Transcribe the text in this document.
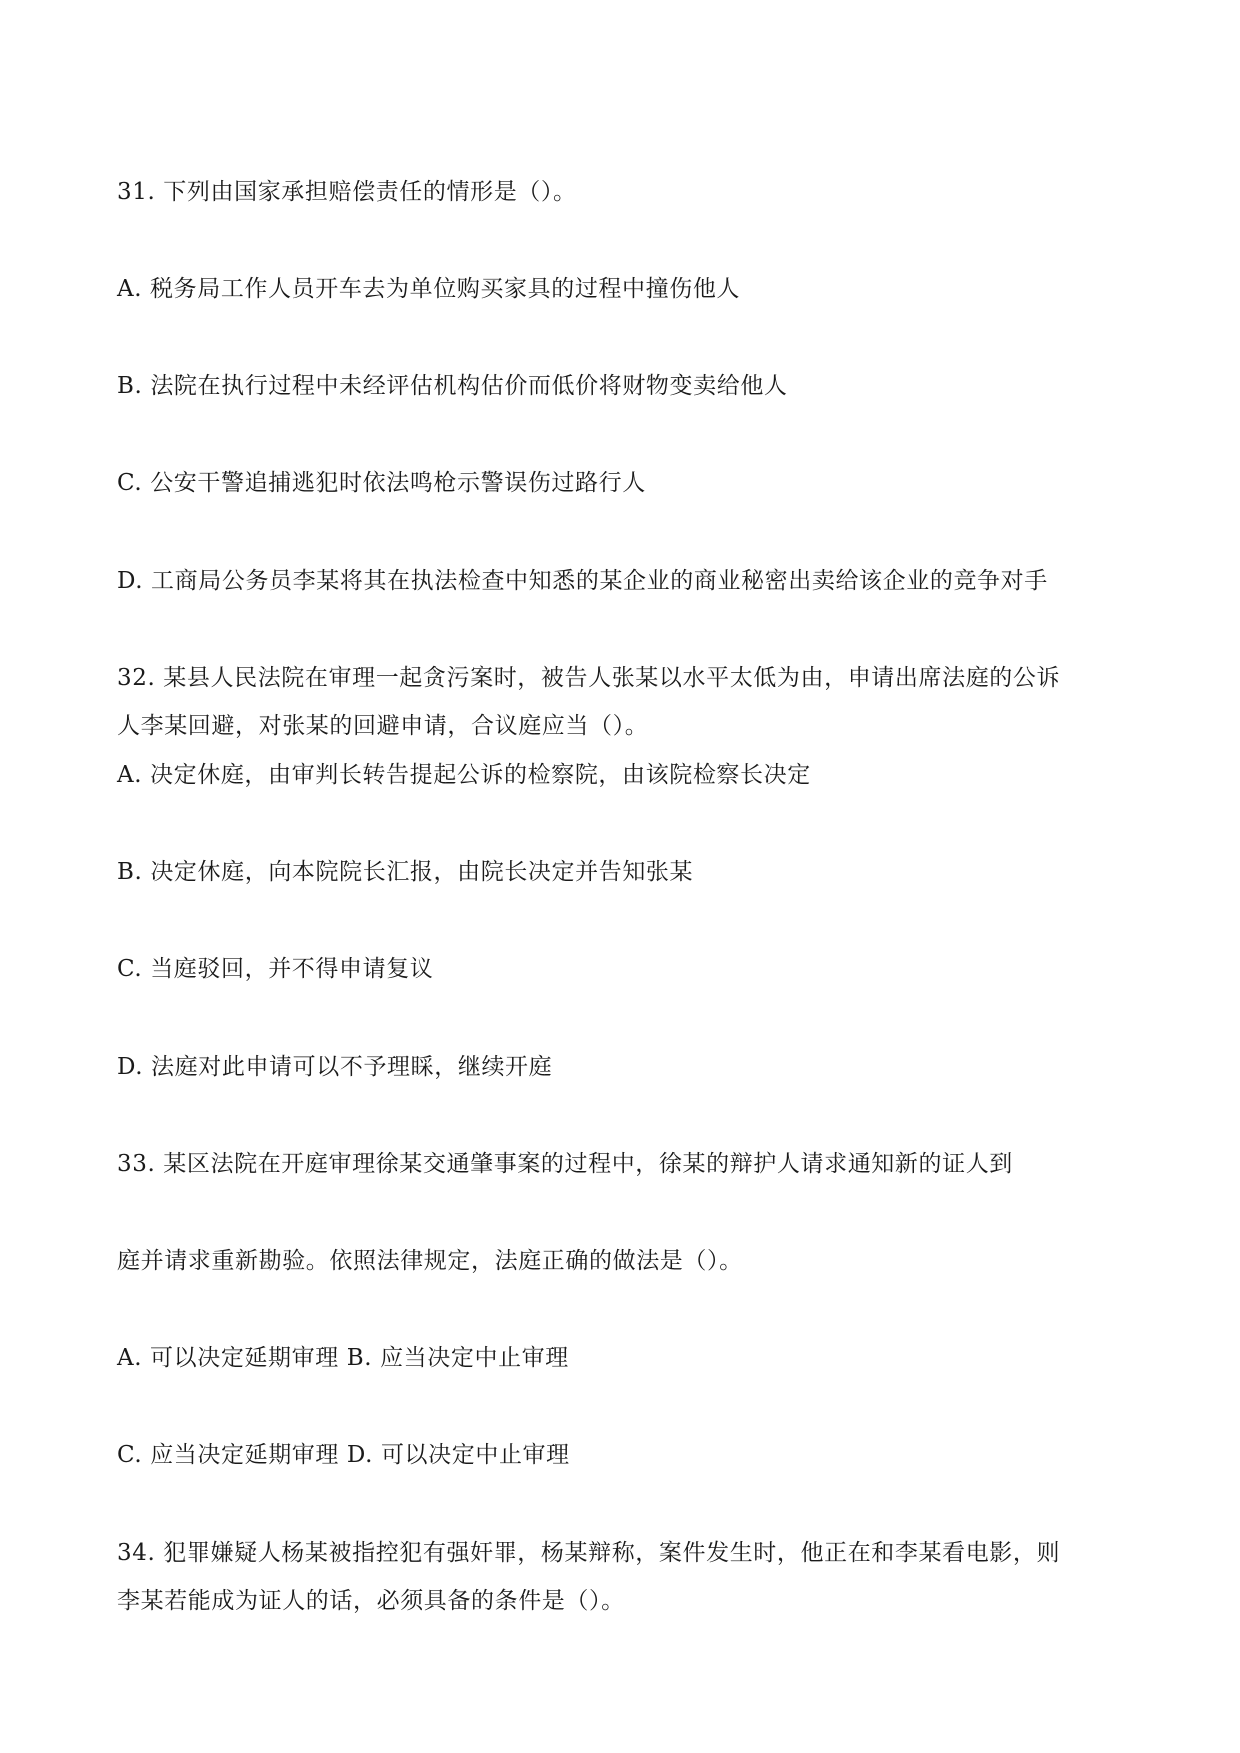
31. 下列由国家承担赔偿责任的情形是（）。
A. 税务局工作人员开车去为单位购买家具的过程中撞伤他人
B. 法院在执行过程中未经评估机构估价而低价将财物变卖给他人
C. 公安干警追捕逃犯时依法鸣枪示警误伤过路行人
D. 工商局公务员李某将其在执法检查中知悉的某企业的商业秘密出卖给该企业的竞争对手
32. 某县人民法院在审理一起贪污案时，被告人张某以水平太低为由，申请出席法庭的公诉
人李某回避，对张某的回避申请，合议庭应当（）。
A. 决定休庭，由审判长转告提起公诉的检察院，由该院检察长决定
B. 决定休庭，向本院院长汇报，由院长决定并告知张某
C. 当庭驳回，并不得申请复议
D. 法庭对此申请可以不予理睬，继续开庭
33. 某区法院在开庭审理徐某交通肇事案的过程中，徐某的辩护人请求通知新的证人到
庭并请求重新勘验。依照法律规定，法庭正确的做法是（）。
A. 可以决定延期审理 B. 应当决定中止审理
C. 应当决定延期审理 D. 可以决定中止审理
34. 犯罪嫌疑人杨某被指控犯有强奸罪，杨某辩称，案件发生时，他正在和李某看电影，则
李某若能成为证人的话，必须具备的条件是（）。
